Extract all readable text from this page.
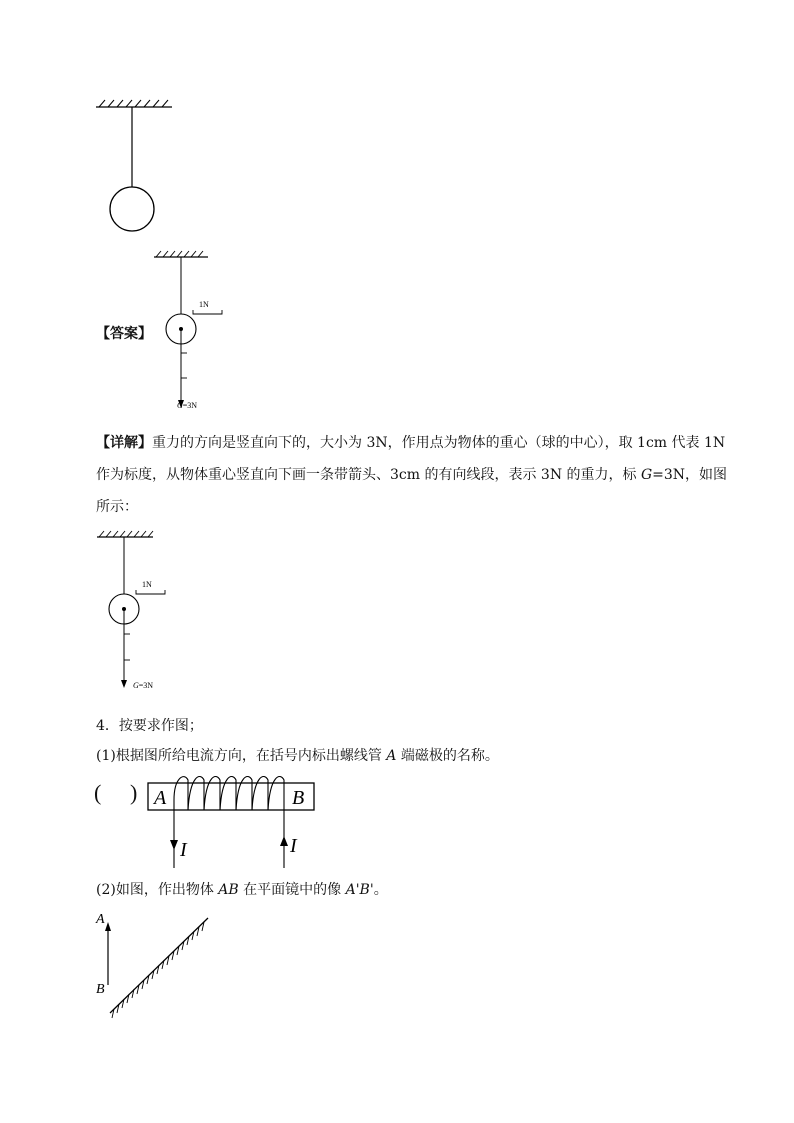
1N
G=3N
【答案】
【详解】重力的方向是竖直向下的，大小为 3N，作用点为物体的重心（球的中心），取 1cm 代表 1N
作为标度，从物体重心竖直向下画一条带箭头、3cm 的有向线段，表示 3N 的重力，标 G=3N，如图
所示：
1N
G=3N
4．按要求作图；
(1)根据图所给电流方向，在括号内标出螺线管 A 端磁极的名称。
( ) A	B
I	I
(2)如图，作出物体 AB 在平面镜中的像 A'B'。
A
B
